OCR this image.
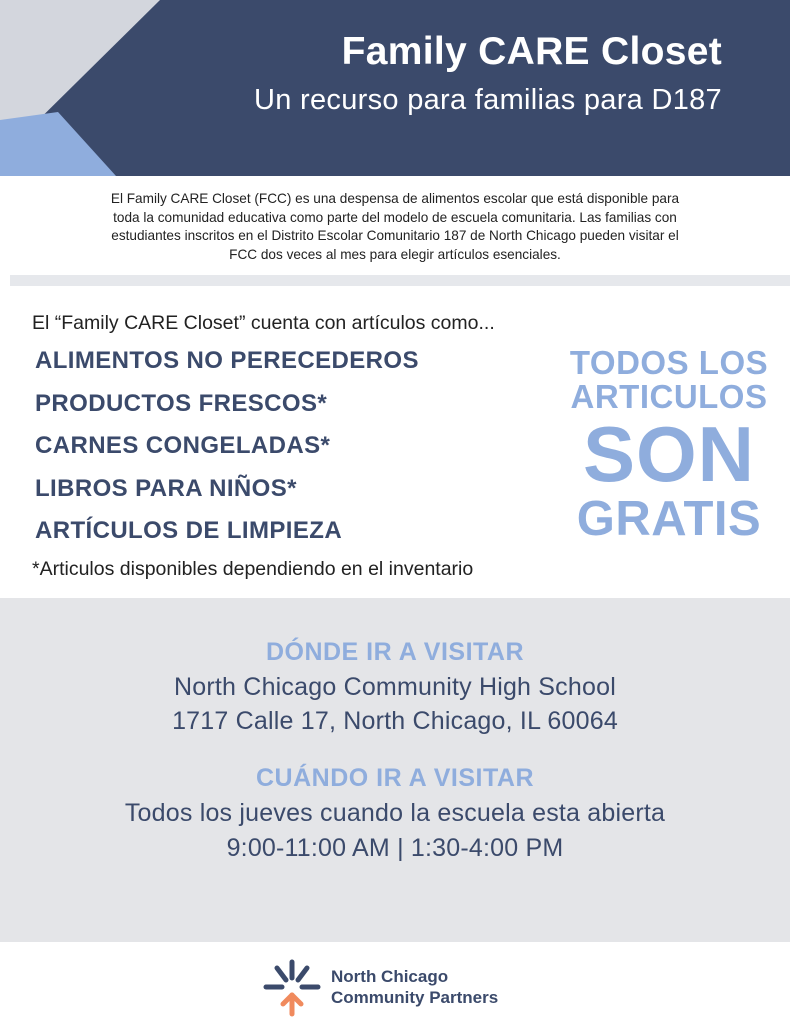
Family CARE Closet
Un recurso para familias para D187
El Family CARE Closet (FCC) es una despensa de alimentos escolar que está disponible para
toda la comunidad educativa como parte del modelo de escuela comunitaria. Las familias con
estudiantes inscritos en el Distrito Escolar Comunitario 187 de North Chicago pueden visitar el
FCC dos veces al mes para elegir artículos esenciales.
El “Family CARE Closet” cuenta con artículos como...
ALIMENTOS NO PERECEDEROS
PRODUCTOS FRESCOS*
CARNES CONGELADAS*
LIBROS PARA NIÑOS*
ARTÍCULOS DE LIMPIEZA
*Articulos disponibles dependiendo en el inventario
TODOS LOS
ARTICULOS
SON
GRATIS
DÓNDE IR A VISITAR
North Chicago Community High School
1717 Calle 17, North Chicago, IL 60064
CUÁNDO IR A VISITAR
Todos los jueves cuando la escuela esta abierta
9:00-11:00 AM | 1:30-4:00 PM
North Chicago
Community Partners
